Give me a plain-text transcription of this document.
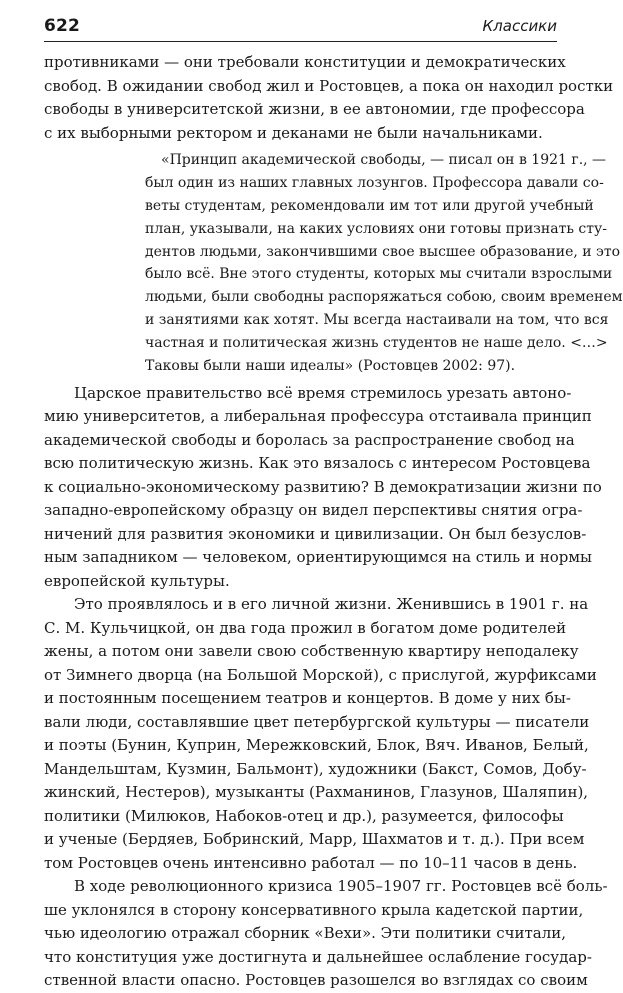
622	Классики
противниками — они требовали конституции и демократических
свобод. В ожидании свобод жил и Ростовцев, а пока он находил ростки
свободы в университетской жизни, в ее автономии, где профессора
с их выборными ректором и деканами не были начальниками.
«Принцип академической свободы, — писал он в 1921 г., —
был один из наших главных лозунгов. Профессора давали со-
веты студентам, рекомендовали им тот или другой учебный
план, указывали, на каких условиях они готовы признать сту-
дентов людьми, закончившими свое высшее образование, и это
было всё. Вне этого студенты, которых мы считали взрослыми
людьми, были свободны распоряжаться собою, своим временем
и занятиями как хотят. Мы всегда настаивали на том, что вся
частная и политическая жизнь студентов не наше дело. <…>
Таковы были наши идеалы» (Ростовцев 2002: 97).
Царское правительство всё время стремилось урезать автоно-
мию университетов, а либеральная профессура отстаивала принцип
академической свободы и боролась за распространение свобод на
всю политическую жизнь. Как это вязалось с интересом Ростовцева
к социально-экономическому развитию? В демократизации жизни по
западно-европейскому образцу он видел перспективы снятия огра-
ничений для развития экономики и цивилизации. Он был безуслов-
ным западником — человеком, ориентирующимся на стиль и нормы
европейской культуры.
Это проявлялось и в его личной жизни. Женившись в 1901 г. на
С. М. Кульчицкой, он два года прожил в богатом доме родителей
жены, а потом они завели свою собственную квартиру неподалеку
от Зимнего дворца (на Большой Морской), с прислугой, журфиксами
и постоянным посещением театров и концертов. В доме у них бы-
вали люди, составлявшие цвет петербургской культуры — писатели
и поэты (Бунин, Куприн, Мережковский, Блок, Вяч. Иванов, Белый,
Мандельштам, Кузмин, Бальмонт), художники (Бакст, Сомов, Добу-
жинский, Нестеров), музыканты (Рахманинов, Глазунов, Шаляпин),
политики (Милюков, Набоков-отец и др.), разумеется, философы
и ученые (Бердяев, Бобринский, Марр, Шахматов и т. д.). При всем
том Ростовцев очень интенсивно работал — по 10–11 часов в день.
В ходе революционного кризиса 1905–1907 гг. Ростовцев всё боль-
ше уклонялся в сторону консервативного крыла кадетской партии,
чью идеологию отражал сборник «Вехи». Эти политики считали,
что конституция уже достигнута и дальнейшее ослабление государ-
ственной власти опасно. Ростовцев разошелся во взглядах со своим
